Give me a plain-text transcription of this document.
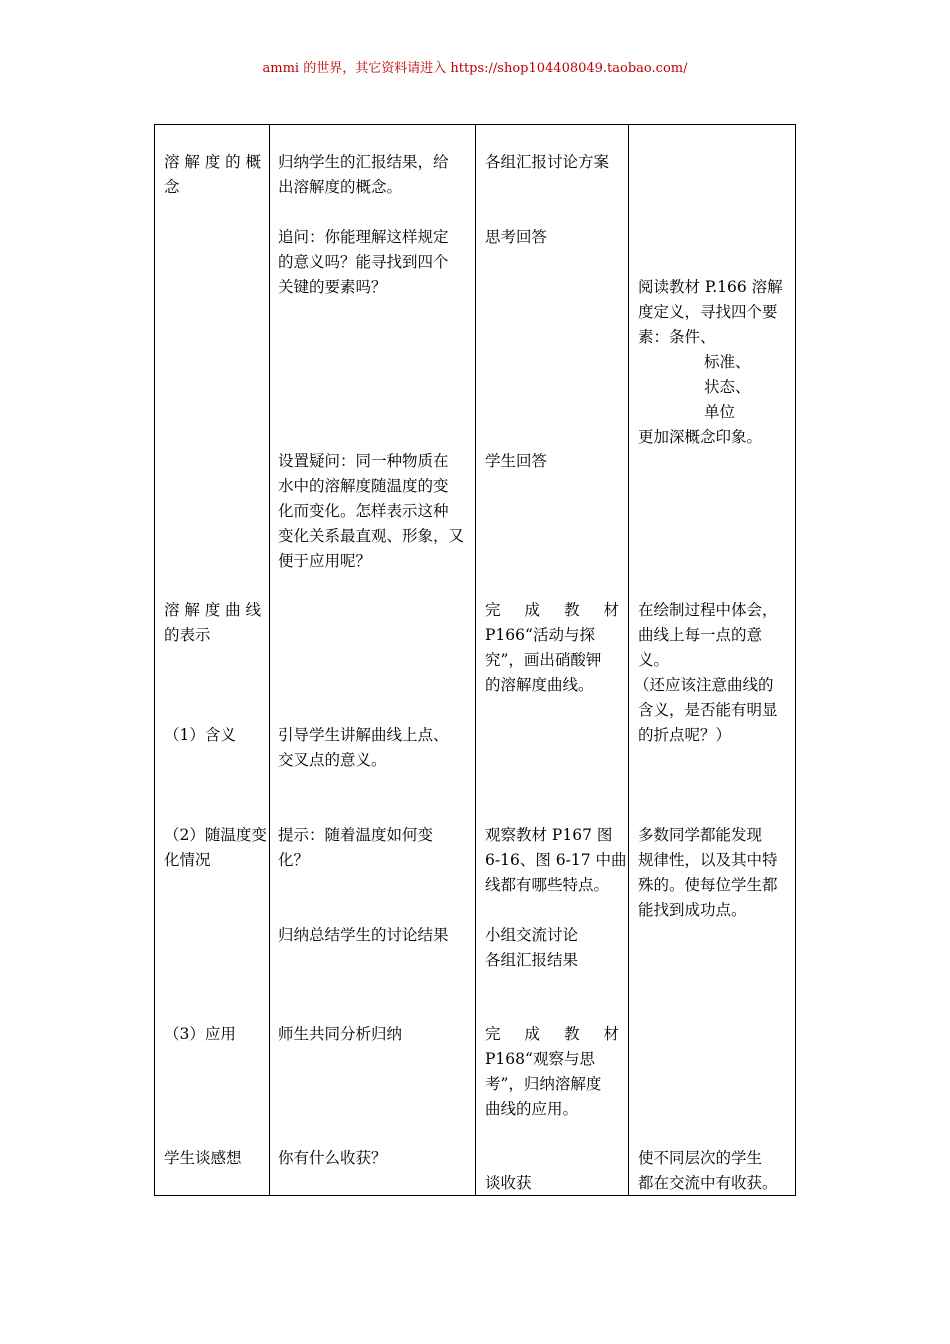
ammi 的世界，其它资料请进入 https://shop104408049.taobao.com/
溶 解 度 的 概
念
溶 解 度 曲 线
的表示
（1）含义
（2）随温度变
化情况
（3）应用
学生谈感想
归纳学生的汇报结果，给
出溶解度的概念。
追问：你能理解这样规定
的意义吗？能寻找到四个
关键的要素吗？
设置疑问：同一种物质在
水中的溶解度随温度的变
化而变化。怎样表示这种
变化关系最直观、形象，又
便于应用呢？
引导学生讲解曲线上点、
交叉点的意义。
提示：随着温度如何变
化？
归纳总结学生的讨论结果
师生共同分析归纳
你有什么收获？
各组汇报讨论方案
思考回答
学生回答
完 成 教 材
P166“活动与探
究”，画出硝酸钾
的溶解度曲线。
观察教材 P167 图
6-16、图 6-17 中曲
线都有哪些特点。
小组交流讨论
各组汇报结果
完 成 教 材
P168“观察与思
考”，归纳溶解度
曲线的应用。
谈收获
阅读教材 P.166 溶解
度定义，寻找四个要
素：条件、
标准、
状态、
单位
更加深概念印象。
在绘制过程中体会，
曲线上每一点的意
义。
（还应该注意曲线的
含义，是否能有明显
的折点呢？）
多数同学都能发现
规律性，以及其中特
殊的。使每位学生都
能找到成功点。
使不同层次的学生
都在交流中有收获。
